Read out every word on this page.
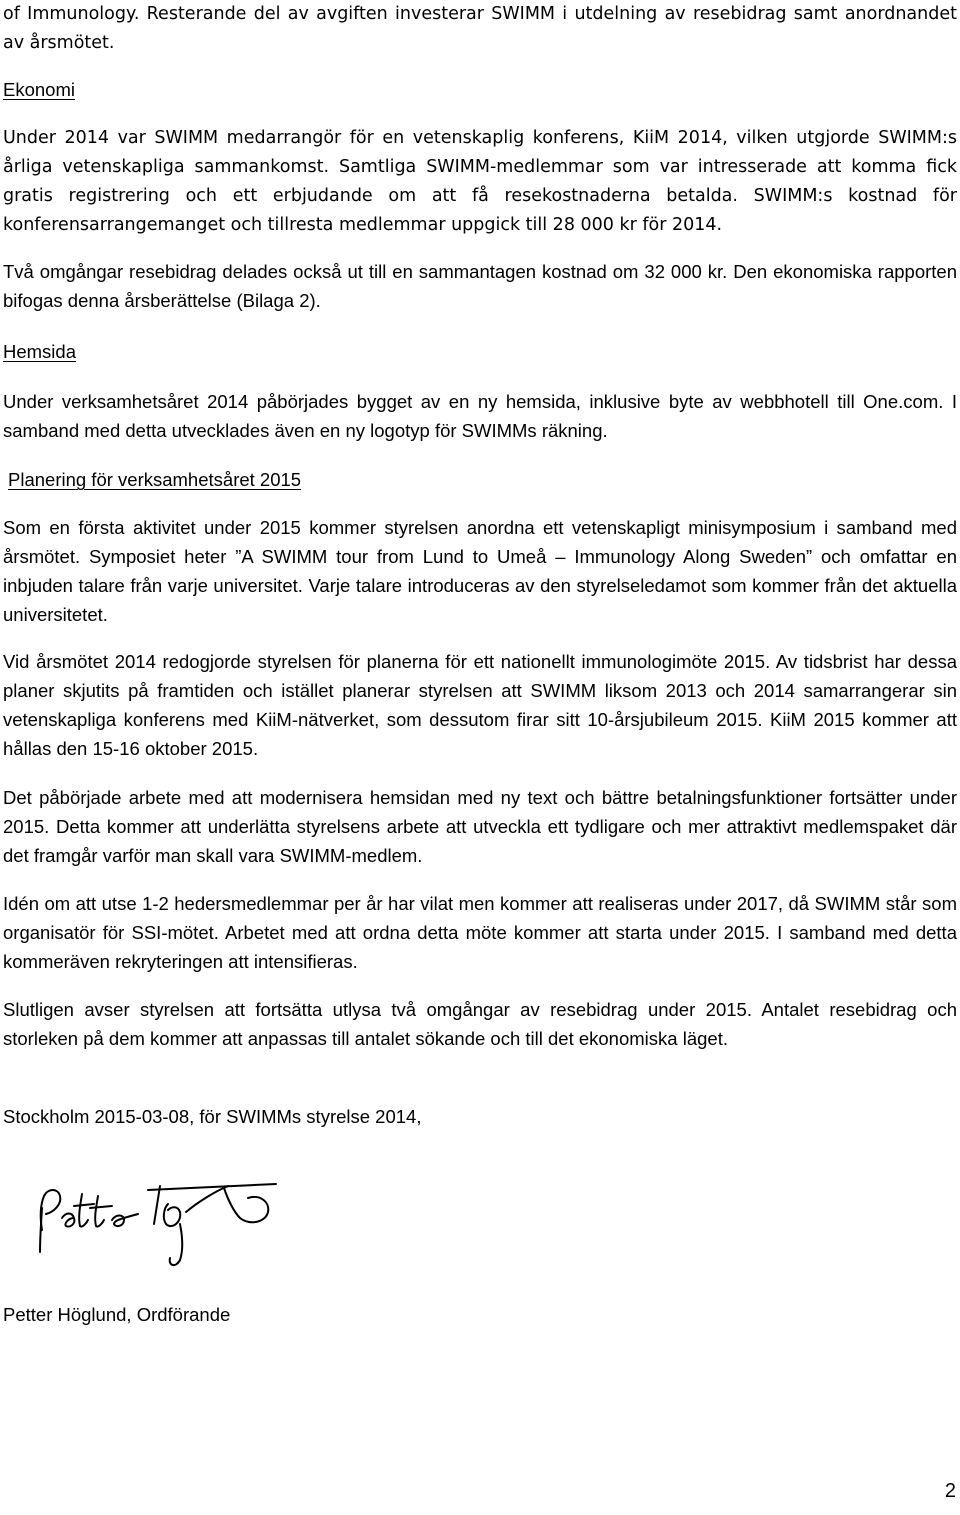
of Immunology. Resterande del av avgiften investerar SWIMM i utdelning av resebidrag samt anordnandet av årsmötet.

Ekonomi

Under 2014 var SWIMM medarrangör för en vetenskaplig konferens, KiiM 2014, vilken utgjorde SWIMM:s årliga vetenskapliga sammankomst. Samtliga SWIMM-medlemmar som var intresserade att komma fick gratis registrering och ett erbjudande om att få resekostnaderna betalda. SWIMM:s kostnad för konferensarrangemanget och tillresta medlemmar uppgick till 28 000 kr för 2014.

Två omgångar resebidrag delades också ut till en sammantagen kostnad om 32 000 kr. Den ekonomiska rapporten bifogas denna årsberättelse (Bilaga 2).

Hemsida

Under verksamhetsåret 2014 påbörjades bygget av en ny hemsida, inklusive byte av webbhotell till One.com. I samband med detta utvecklades även en ny logotyp för SWIMMs räkning.

Planering för verksamhetsåret 2015

Som en första aktivitet under 2015 kommer styrelsen anordna ett vetenskapligt minisymposium i samband med årsmötet. Symposiet heter ”A SWIMM tour from Lund to Umeå – Immunology Along Sweden” och omfattar en inbjuden talare från varje universitet. Varje talare introduceras av den styrelseledamot som kommer från det aktuella universitetet.

Vid årsmötet 2014 redogjorde styrelsen för planerna för ett nationellt immunologimöte 2015. Av tidsbrist har dessa planer skjutits på framtiden och istället planerar styrelsen att SWIMM liksom 2013 och 2014 samarrangerar sin vetenskapliga konferens med KiiM-nätverket, som dessutom firar sitt 10-årsjubileum 2015. KiiM 2015 kommer att hållas den 15-16 oktober 2015.

Det påbörjade arbete med att modernisera hemsidan med ny text och bättre betalningsfunktioner fortsätter under 2015. Detta kommer att underlätta styrelsens arbete att utveckla ett tydligare och mer attraktivt medlemspaket där det framgår varför man skall vara SWIMM-medlem.

Idén om att utse 1-2 hedersmedlemmar per år har vilat men kommer att realiseras under 2017, då SWIMM står som organisatör för SSI-mötet. Arbetet med att ordna detta möte kommer att starta under 2015. I samband med detta kommeräven rekryteringen att intensifieras.

Slutligen avser styrelsen att fortsätta utlysa två omgångar av resebidrag under 2015. Antalet resebidrag och storleken på dem kommer att anpassas till antalet sökande och till det ekonomiska läget.

Stockholm 2015-03-08, för SWIMMs styrelse 2014,

Petter Höglund, Ordförande

2
